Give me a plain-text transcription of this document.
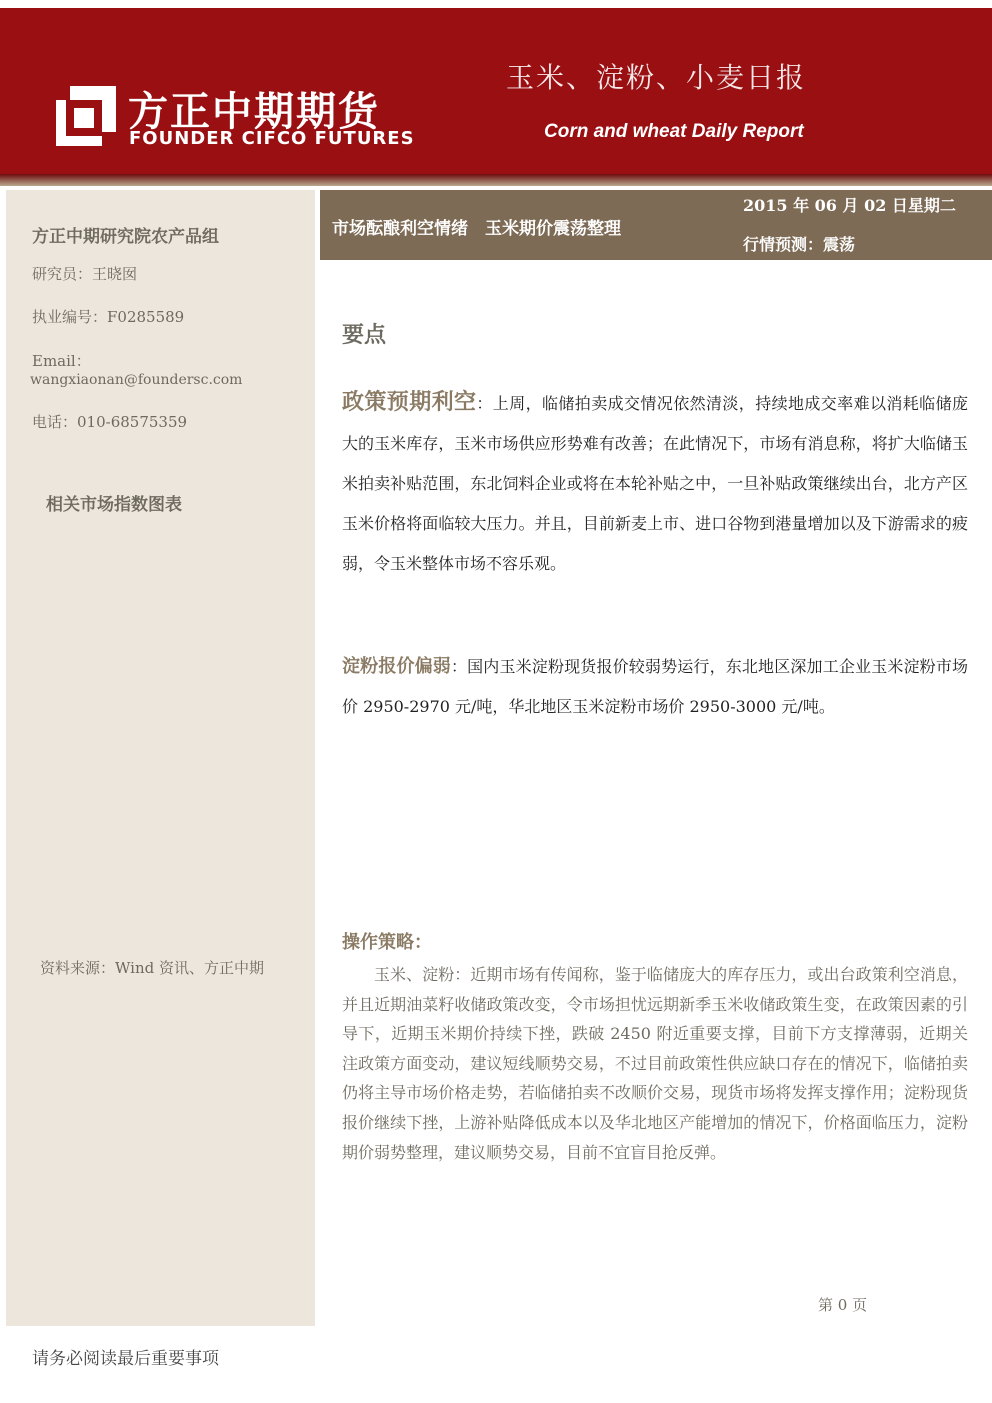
方正中期期货
FOUNDER CIFCO FUTURES
玉米、淀粉、小麦日报
Corn and wheat Daily Report
方正中期研究院农产品组
研究员：王晓囡
执业编号：F0285589
Email：
wangxiaonan@foundersc.com
电话：010-68575359
相关市场指数图表
资料来源：Wind 资讯、方正中期
市场酝酿利空情绪　玉米期价震荡整理
2015 年 06 月 02 日星期二
行情预测：震荡
要点
政策预期利空：上周，临储拍卖成交情况依然清淡，持续地成交率难以消耗临储庞大的玉米库存，玉米市场供应形势难有改善；在此情况下，市场有消息称，将扩大临储玉米拍卖补贴范围，东北饲料企业或将在本轮补贴之中，一旦补贴政策继续出台，北方产区玉米价格将面临较大压力。并且，目前新麦上市、进口谷物到港量增加以及下游需求的疲弱，令玉米整体市场不容乐观。
淀粉报价偏弱：国内玉米淀粉现货报价较弱势运行，东北地区深加工企业玉米淀粉市场价 2950-2970 元/吨，华北地区玉米淀粉市场价 2950-3000 元/吨。
操作策略：
玉米、淀粉：近期市场有传闻称，鉴于临储庞大的库存压力，或出台政策利空消息，并且近期油菜籽收储政策改变，令市场担忧远期新季玉米收储政策生变，在政策因素的引导下，近期玉米期价持续下挫，跌破 2450 附近重要支撑，目前下方支撑薄弱，近期关注政策方面变动，建议短线顺势交易，不过目前政策性供应缺口存在的情况下，临储拍卖仍将主导市场价格走势，若临储拍卖不改顺价交易，现货市场将发挥支撑作用；淀粉现货报价继续下挫，上游补贴降低成本以及华北地区产能增加的情况下，价格面临压力，淀粉期价弱势整理，建议顺势交易，目前不宜盲目抢反弹。
第 0 页
请务必阅读最后重要事项
